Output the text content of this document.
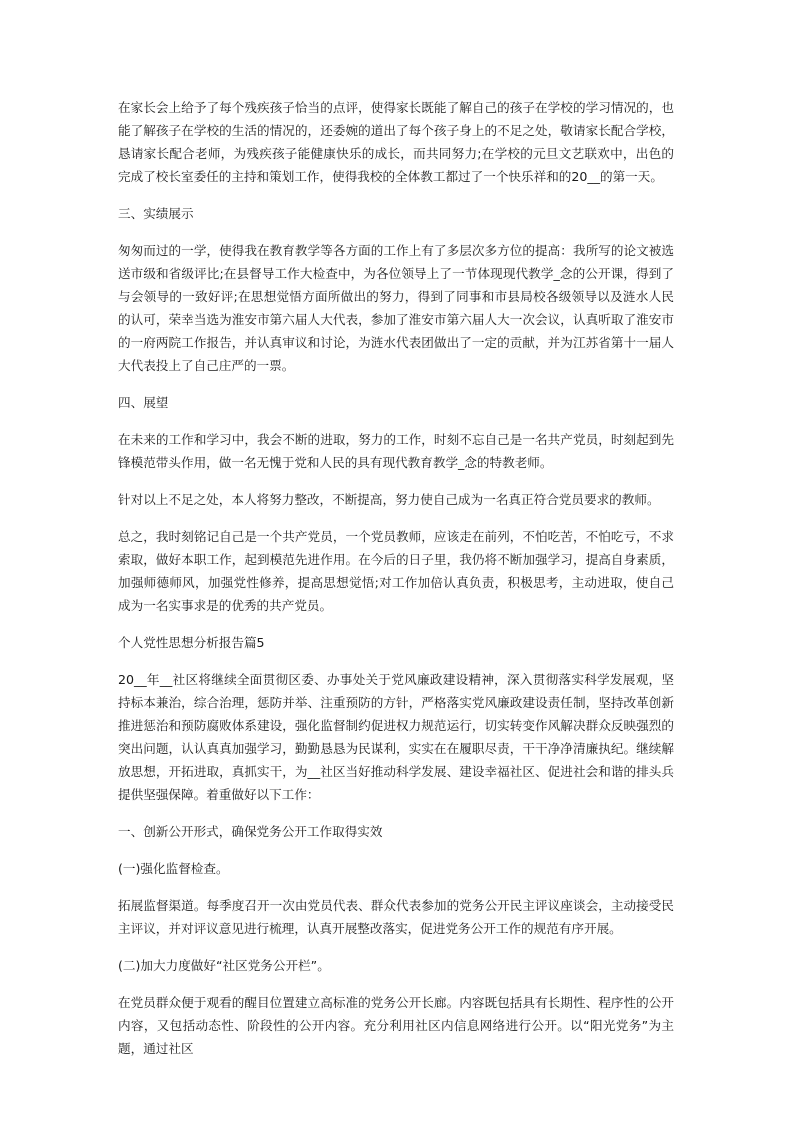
在家长会上给予了每个残疾孩子恰当的点评，使得家长既能了解自己的孩子在学校的学习情况的，也能了解孩子在学校的生活的情况的，还委婉的道出了每个孩子身上的不足之处，敬请家长配合学校，恳请家长配合老师，为残疾孩子能健康快乐的成长，而共同努力;在学校的元旦文艺联欢中，出色的完成了校长室委任的主持和策划工作，使得我校的全体教工都过了一个快乐祥和的20__的第一天。

三、实绩展示

匆匆而过的一学，使得我在教育教学等各方面的工作上有了多层次多方位的提高：我所写的论文被选送市级和省级评比;在县督导工作大检查中，为各位领导上了一节体现现代教学_念的公开课，得到了与会领导的一致好评;在思想觉悟方面所做出的努力，得到了同事和市县局校各级领导以及涟水人民的认可，荣幸当选为淮安市第六届人大代表，参加了淮安市第六届人大一次会议，认真听取了淮安市的一府两院工作报告，并认真审议和讨论，为涟水代表团做出了一定的贡献，并为江苏省第十一届人大代表投上了自己庄严的一票。

四、展望

在未来的工作和学习中，我会不断的进取，努力的工作，时刻不忘自己是一名共产党员，时刻起到先锋模范带头作用，做一名无愧于党和人民的具有现代教育教学_念的特教老师。

针对以上不足之处，本人将努力整改，不断提高，努力使自己成为一名真正符合党员要求的教师。

总之，我时刻铭记自己是一个共产党员，一个党员教师，应该走在前列，不怕吃苦，不怕吃亏，不求索取，做好本职工作，起到模范先进作用。在今后的日子里，我仍将不断加强学习，提高自身素质，加强师德师风，加强党性修养，提高思想觉悟;对工作加倍认真负责，积极思考，主动进取，使自己成为一名实事求是的优秀的共产党员。

个人党性思想分析报告篇5

20__年__社区将继续全面贯彻区委、办事处关于党风廉政建设精神，深入贯彻落实科学发展观，坚持标本兼治，综合治理，惩防并举、注重预防的方针，严格落实党风廉政建设责任制，坚持改革创新推进惩治和预防腐败体系建设，强化监督制约促进权力规范运行，切实转变作风解决群众反映强烈的突出问题，认认真真加强学习，勤勤恳恳为民谋利，实实在在履职尽责，干干净净清廉执纪。继续解放思想，开拓进取，真抓实干，为__社区当好推动科学发展、建设幸福社区、促进社会和谐的排头兵提供坚强保障。着重做好以下工作：

一、创新公开形式，确保党务公开工作取得实效

(一)强化监督检查。

拓展监督渠道。每季度召开一次由党员代表、群众代表参加的党务公开民主评议座谈会，主动接受民主评议，并对评议意见进行梳理，认真开展整改落实，促进党务公开工作的规范有序开展。

(二)加大力度做好“社区党务公开栏”。

在党员群众便于观看的醒目位置建立高标准的党务公开长廊。内容既包括具有长期性、程序性的公开内容，又包括动态性、阶段性的公开内容。充分利用社区内信息网络进行公开。以“阳光党务”为主题，通过社区
